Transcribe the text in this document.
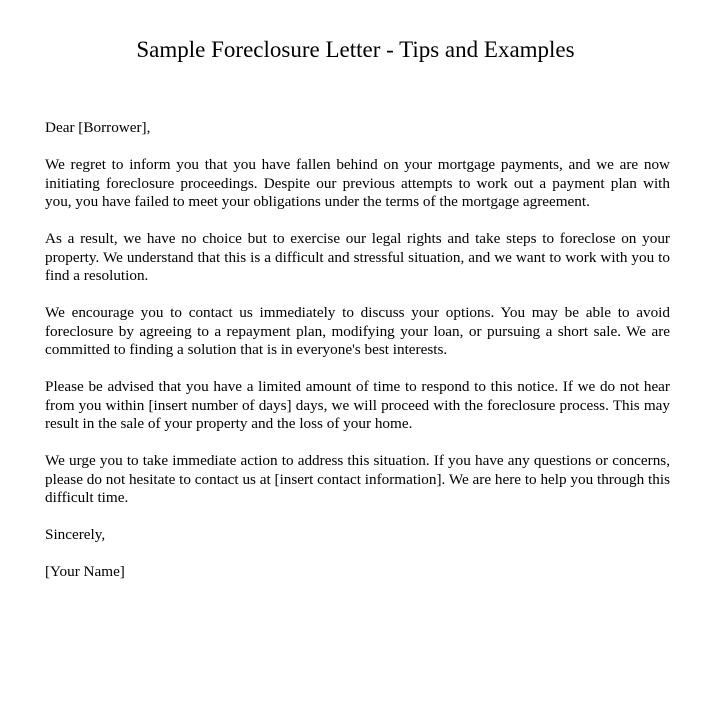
Sample Foreclosure Letter - Tips and Examples

Dear [Borrower],

We regret to inform you that you have fallen behind on your mortgage payments, and we are now initiating foreclosure proceedings. Despite our previous attempts to work out a payment plan with you, you have failed to meet your obligations under the terms of the mortgage agreement.

As a result, we have no choice but to exercise our legal rights and take steps to foreclose on your property. We understand that this is a difficult and stressful situation, and we want to work with you to find a resolution.

We encourage you to contact us immediately to discuss your options. You may be able to avoid foreclosure by agreeing to a repayment plan, modifying your loan, or pursuing a short sale. We are committed to finding a solution that is in everyone's best interests.

Please be advised that you have a limited amount of time to respond to this notice. If we do not hear from you within [insert number of days] days, we will proceed with the foreclosure process. This may result in the sale of your property and the loss of your home.

We urge you to take immediate action to address this situation. If you have any questions or concerns, please do not hesitate to contact us at [insert contact information]. We are here to help you through this difficult time.

Sincerely,

[Your Name]
